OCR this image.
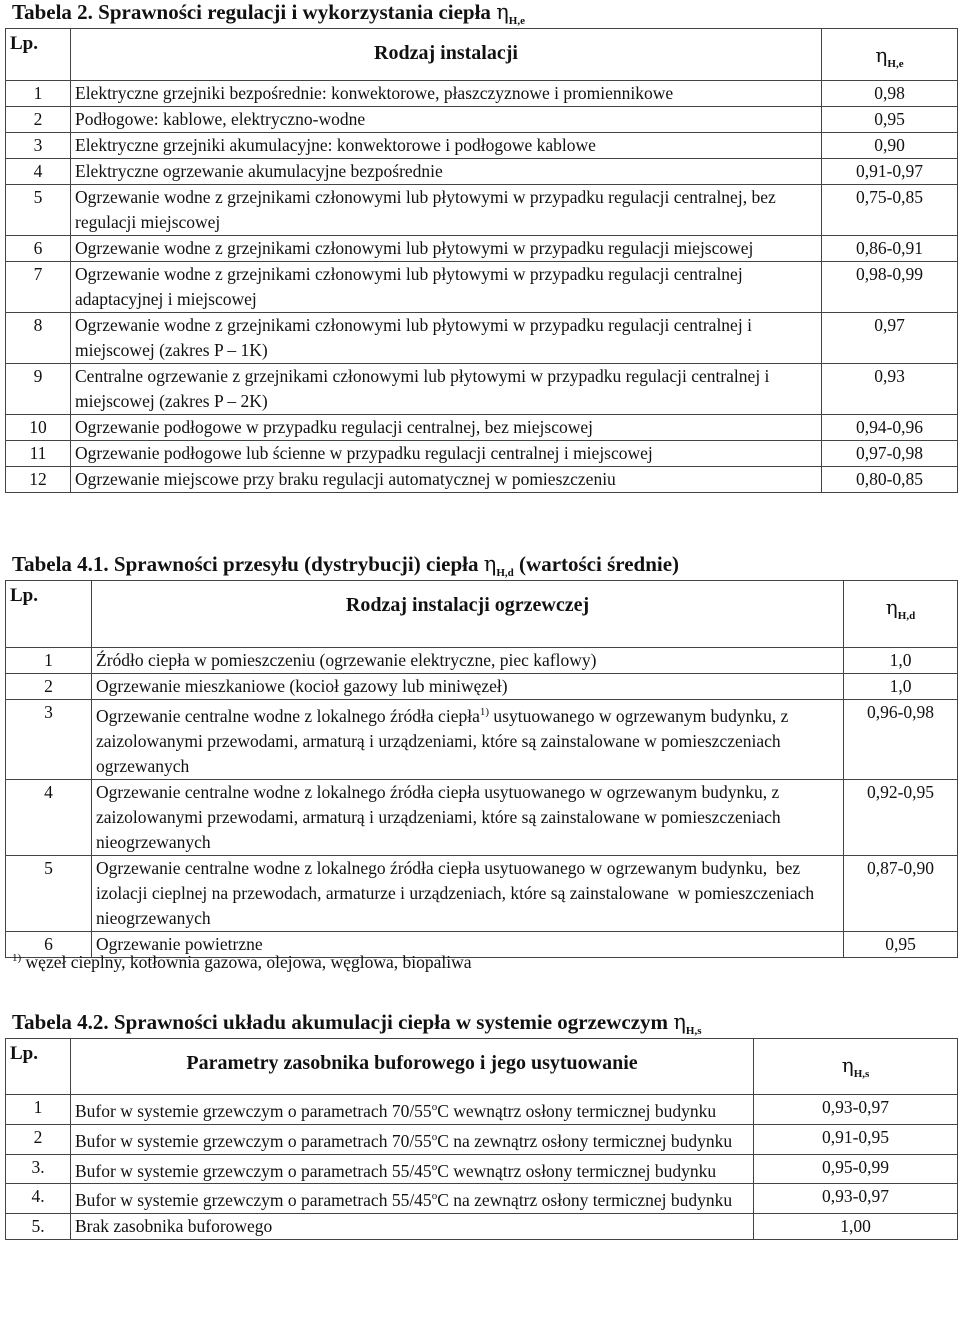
Tabela 2. Sprawności regulacji i wykorzystania ciepła $\eta_{H,e}$
Lp.	Rodzaj instalacji	$\eta_{H,e}$
1	Elektryczne grzejniki bezpośrednie: konwektorowe, płaszczyznowe i promiennikowe	0,98
2	Podłogowe: kablowe, elektryczno-wodne	0,95
3	Elektryczne grzejniki akumulacyjne: konwektorowe i podłogowe kablowe	0,90
4	Elektryczne ogrzewanie akumulacyjne bezpośrednie	0,91-0,97
5	Ogrzewanie wodne z grzejnikami członowymi lub płytowymi w przypadku regulacji centralnej, bez regulacji miejscowej	0,75-0,85
6	Ogrzewanie wodne z grzejnikami członowymi lub płytowymi w przypadku regulacji miejscowej	0,86-0,91
7	Ogrzewanie wodne z grzejnikami członowymi lub płytowymi w przypadku regulacji centralnej adaptacyjnej i miejscowej	0,98-0,99
8	Ogrzewanie wodne z grzejnikami członowymi lub płytowymi w przypadku regulacji centralnej i miejscowej (zakres P – 1K)	0,97
9	Centralne ogrzewanie z grzejnikami członowymi lub płytowymi w przypadku regulacji centralnej i miejscowej (zakres P – 2K)	0,93
10	Ogrzewanie podłogowe w przypadku regulacji centralnej, bez miejscowej	0,94-0,96
11	Ogrzewanie podłogowe lub ścienne w przypadku regulacji centralnej i miejscowej	0,97-0,98
12	Ogrzewanie miejscowe przy braku regulacji automatycznej w pomieszczeniu	0,80-0,85
Tabela 4.1. Sprawności przesyłu (dystrybucji) ciepła $\eta_{H,d}$ (wartości średnie)
Lp.	Rodzaj instalacji ogrzewczej	$\eta_{H,d}$
1	Źródło ciepła w pomieszczeniu (ogrzewanie elektryczne, piec kaflowy)	1,0
2	Ogrzewanie mieszkaniowe (kocioł gazowy lub miniwęzeł)	1,0
3	Ogrzewanie centralne wodne z lokalnego źródła ciepła$^{1)}$ usytuowanego w ogrzewanym budynku, z zaizolowanymi przewodami, armaturą i urządzeniami, które są zainstalowane w pomieszczeniach ogrzewanych	0,96-0,98
4	Ogrzewanie centralne wodne z lokalnego źródła ciepła usytuowanego w ogrzewanym budynku, z zaizolowanymi przewodami, armaturą i urządzeniami, które są zainstalowane w pomieszczeniach nieogrzewanych	0,92-0,95
5	Ogrzewanie centralne wodne z lokalnego źródła ciepła usytuowanego w ogrzewanym budynku,  bez izolacji cieplnej na przewodach, armaturze i urządzeniach, które są zainstalowane  w pomieszczeniach  nieogrzewanych	0,87-0,90
6	Ogrzewanie powietrzne	0,95
$^{1)}$ węzeł cieplny, kotłownia gazowa, olejowa, węglowa, biopaliwa
Tabela 4.2. Sprawności układu akumulacji ciepła w systemie ogrzewczym $\eta_{H,s}$
Lp.	Parametry zasobnika buforowego i jego usytuowanie	$\eta_{H,s}$
1	Bufor w systemie grzewczym o parametrach 70/55$^o$C wewnątrz osłony termicznej budynku	0,93-0,97
2	Bufor w systemie grzewczym o parametrach 70/55$^o$C na zewnątrz osłony termicznej budynku	0,91-0,95
3.	Bufor w systemie grzewczym o parametrach 55/45$^o$C wewnątrz osłony termicznej budynku	0,95-0,99
4.	Bufor w systemie grzewczym o parametrach 55/45$^o$C na zewnątrz osłony termicznej budynku	0,93-0,97
5.	Brak zasobnika buforowego	1,00
